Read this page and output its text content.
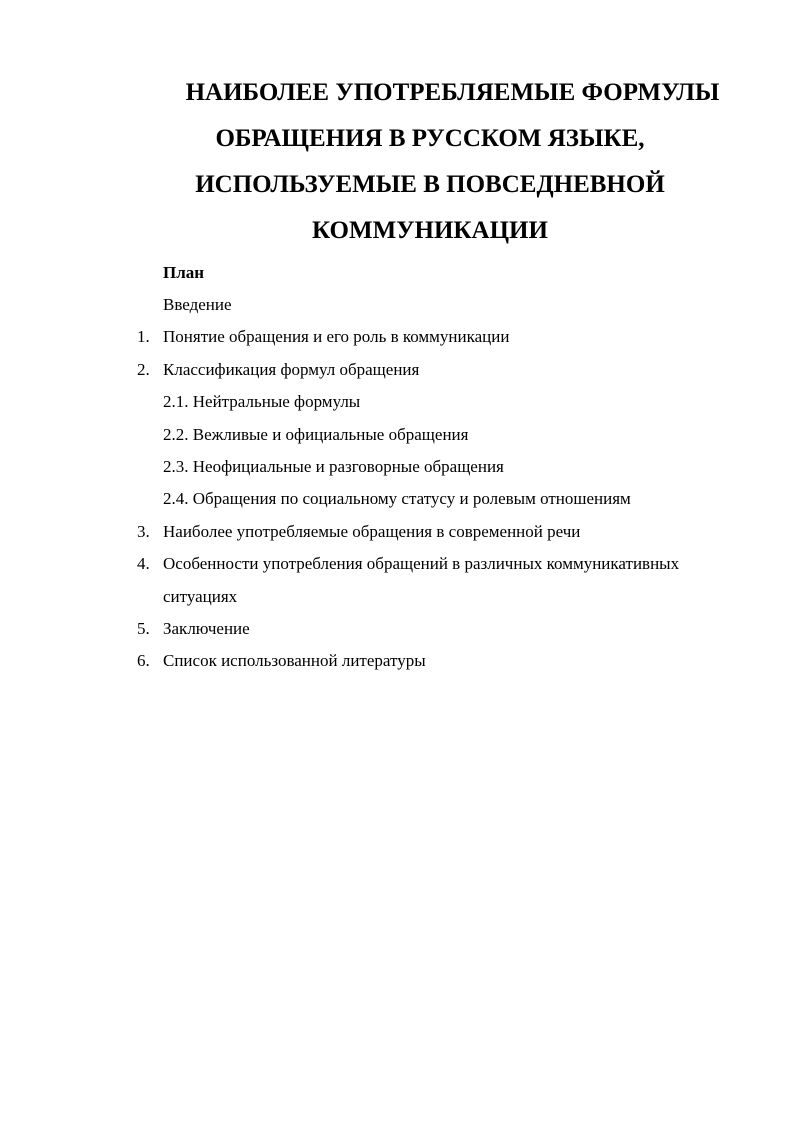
НАИБОЛЕЕ УПОТРЕБЛЯЕМЫЕ ФОРМУЛЫ
ОБРАЩЕНИЯ В РУССКОМ ЯЗЫКЕ,
ИСПОЛЬЗУЕМЫЕ В ПОВСЕДНЕВНОЙ
КОММУНИКАЦИИ
План
Введение
1. Понятие обращения и его роль в коммуникации
2. Классификация формул обращения
2.1. Нейтральные формулы
2.2. Вежливые и официальные обращения
2.3. Неофициальные и разговорные обращения
2.4. Обращения по социальному статусу и ролевым отношениям
3. Наиболее употребляемые обращения в современной речи
4. Особенности употребления обращений в различных коммуникативных ситуациях
5. Заключение
6. Список использованной литературы
